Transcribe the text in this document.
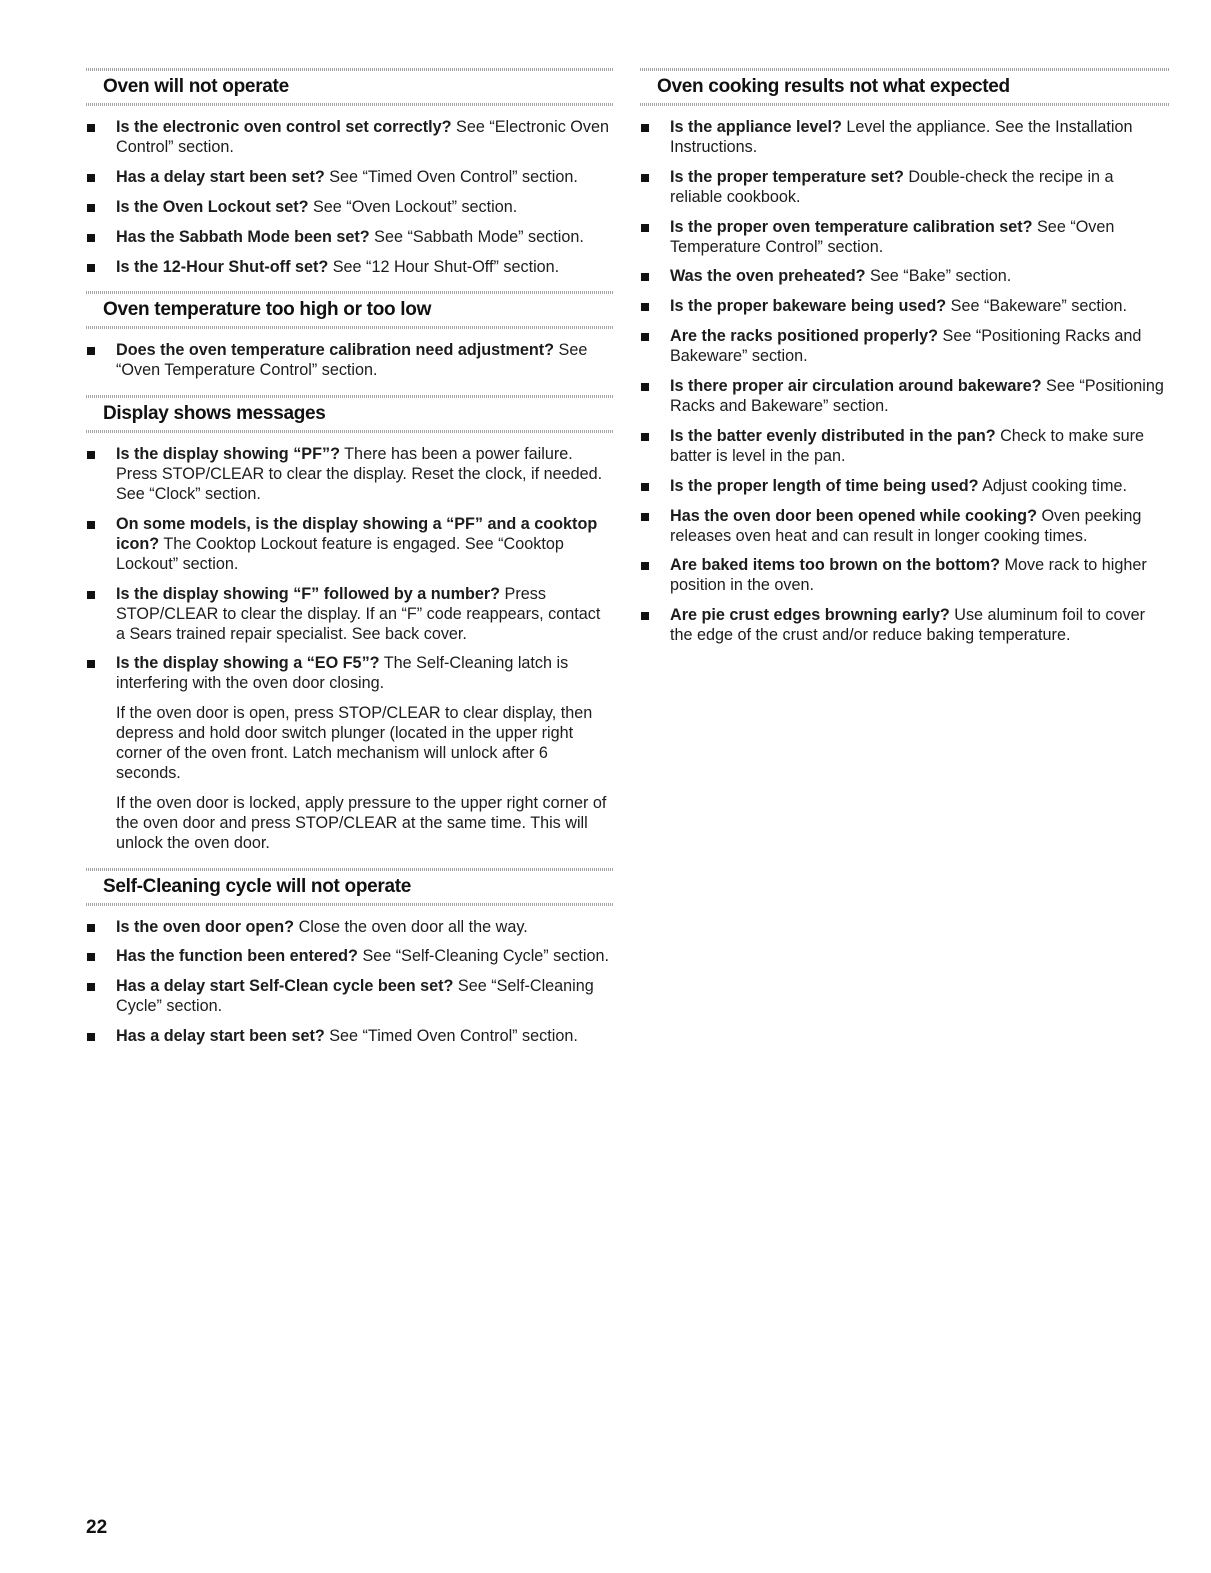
Oven will not operate
Is the electronic oven control set correctly? See “Electronic Oven Control” section.
Has a delay start been set? See “Timed Oven Control” section.
Is the Oven Lockout set? See “Oven Lockout” section.
Has the Sabbath Mode been set? See “Sabbath Mode” section.
Is the 12-Hour Shut-off set? See “12 Hour Shut-Off” section.
Oven temperature too high or too low
Does the oven temperature calibration need adjustment? See “Oven Temperature Control” section.
Display shows messages
Is the display showing “PF”? There has been a power failure. Press STOP/CLEAR to clear the display. Reset the clock, if needed. See “Clock” section.
On some models, is the display showing a “PF” and a cooktop icon? The Cooktop Lockout feature is engaged. See “Cooktop Lockout” section.
Is the display showing “F” followed by a number? Press STOP/CLEAR to clear the display. If an “F” code reappears, contact a Sears trained repair specialist. See back cover.
Is the display showing a “EO F5”? The Self-Cleaning latch is interfering with the oven door closing.
If the oven door is open, press STOP/CLEAR to clear display, then depress and hold door switch plunger (located in the upper right corner of the oven front. Latch mechanism will unlock after 6 seconds.
If the oven door is locked, apply pressure to the upper right corner of the oven door and press STOP/CLEAR at the same time. This will unlock the oven door.
Self-Cleaning cycle will not operate
Is the oven door open? Close the oven door all the way.
Has the function been entered? See “Self-Cleaning Cycle” section.
Has a delay start Self-Clean cycle been set? See “Self-Cleaning Cycle” section.
Has a delay start been set? See “Timed Oven Control” section.
Oven cooking results not what expected
Is the appliance level? Level the appliance. See the Installation Instructions.
Is the proper temperature set? Double-check the recipe in a reliable cookbook.
Is the proper oven temperature calibration set? See “Oven Temperature Control” section.
Was the oven preheated? See “Bake” section.
Is the proper bakeware being used? See “Bakeware” section.
Are the racks positioned properly? See “Positioning Racks and Bakeware” section.
Is there proper air circulation around bakeware? See “Positioning Racks and Bakeware” section.
Is the batter evenly distributed in the pan? Check to make sure batter is level in the pan.
Is the proper length of time being used? Adjust cooking time.
Has the oven door been opened while cooking? Oven peeking releases oven heat and can result in longer cooking times.
Are baked items too brown on the bottom? Move rack to higher position in the oven.
Are pie crust edges browning early? Use aluminum foil to cover the edge of the crust and/or reduce baking temperature.
22
